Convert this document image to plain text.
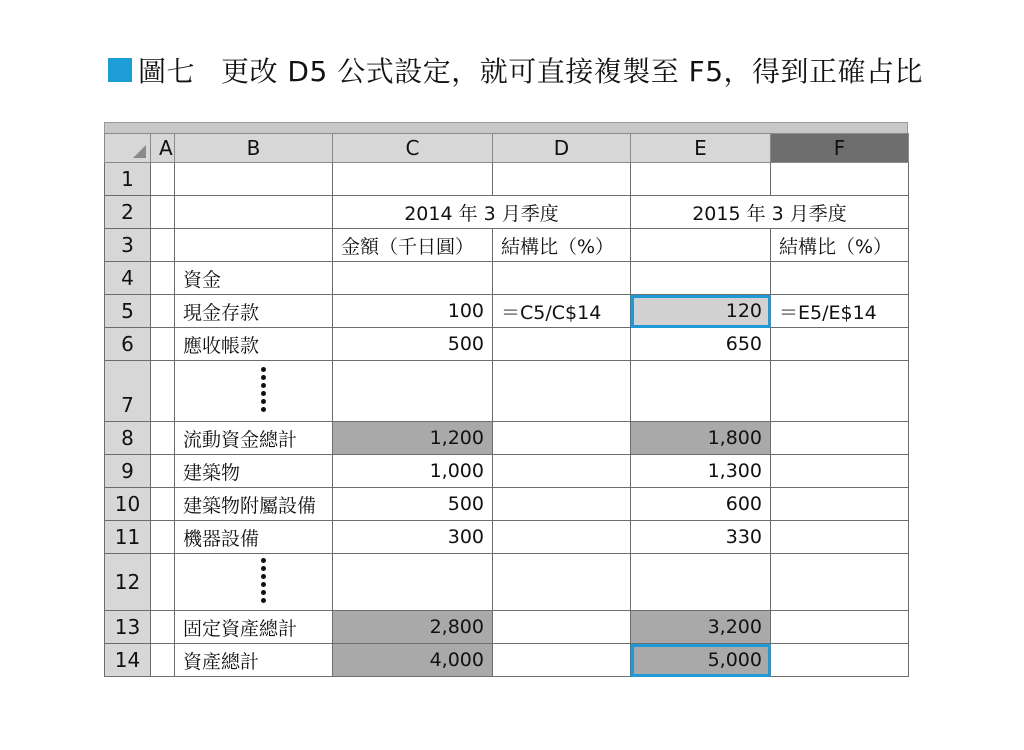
圖七 更改 D5 公式設定，就可直接複製至 F5，得到正確占比
	A	B	C	D	E	F
1						
2			2014 年 3 月季度		2015 年 3 月季度	
3			金額（千日圓）	結構比（%）		結構比（%）
4		資金				
5		現金存款	100	＝C5/C$14	120	＝E5/E$14
6		應收帳款	500		650	
7		

8		流動資金總計	1,200		1,800	
9		建築物	1,000		1,300	
10		建築物附屬設備	500		600	
11		機器設備	300		330	
12		

13		固定資產總計	2,800		3,200	
14		資產總計	4,000		5,000	
